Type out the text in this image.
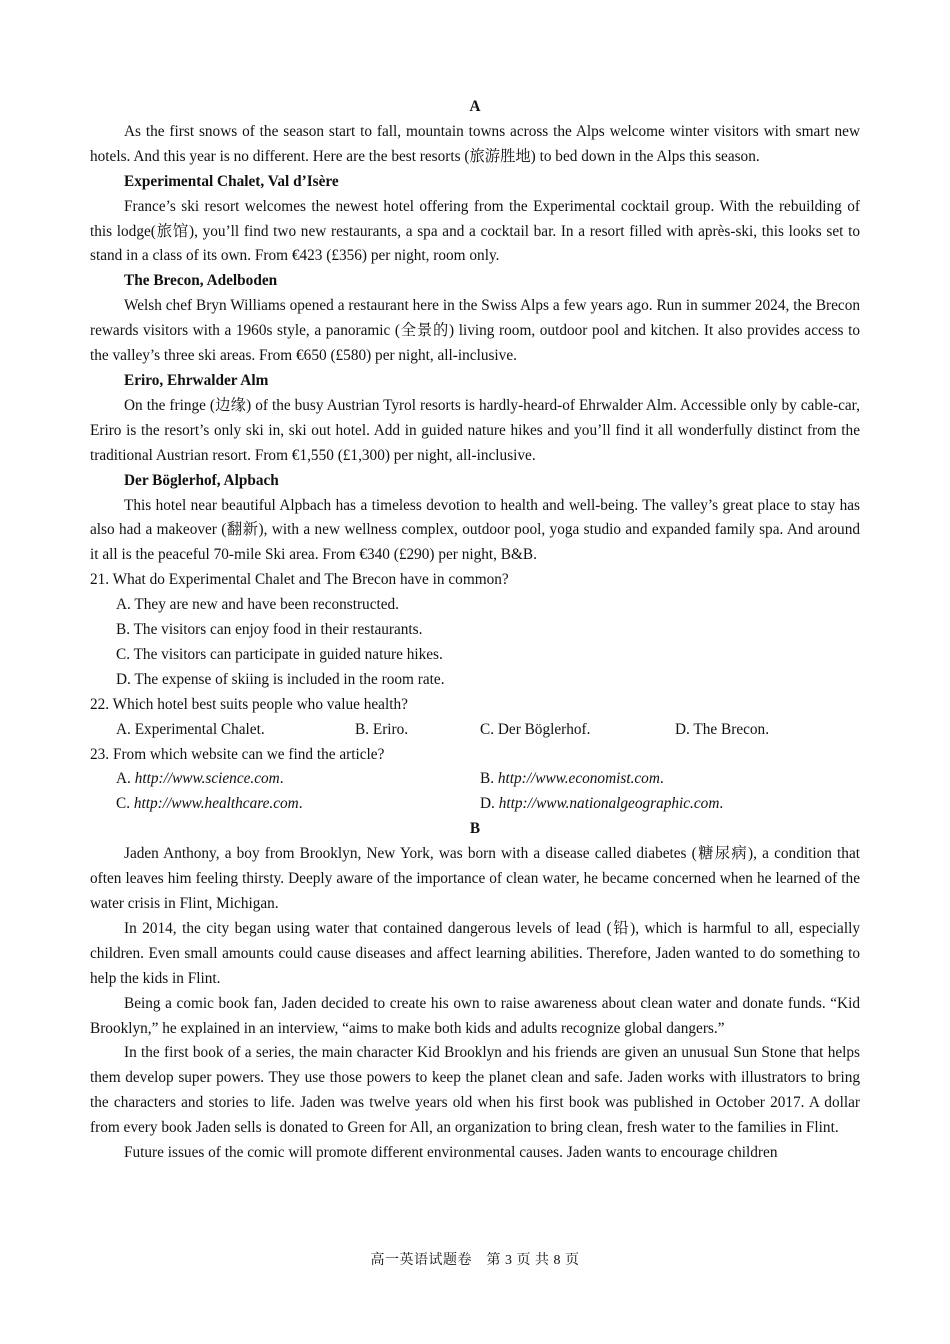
A

As the first snows of the season start to fall, mountain towns across the Alps welcome winter visitors with smart new hotels. And this year is no different. Here are the best resorts (旅游胜地) to bed down in the Alps this season.

Experimental Chalet, Val d’Isère

France’s ski resort welcomes the newest hotel offering from the Experimental cocktail group. With the rebuilding of this lodge(旅馆), you’ll find two new restaurants, a spa and a cocktail bar. In a resort filled with après-ski, this looks set to stand in a class of its own. From €423 (£356) per night, room only.

The Brecon, Adelboden

Welsh chef Bryn Williams opened a restaurant here in the Swiss Alps a few years ago. Run in summer 2024, the Brecon rewards visitors with a 1960s style, a panoramic (全景的) living room, outdoor pool and kitchen. It also provides access to the valley’s three ski areas. From €650 (£580) per night, all-inclusive.

Eriro, Ehrwalder Alm

On the fringe (边缘) of the busy Austrian Tyrol resorts is hardly-heard-of Ehrwalder Alm. Accessible only by cable-car, Eriro is the resort’s only ski in, ski out hotel. Add in guided nature hikes and you’ll find it all wonderfully distinct from the traditional Austrian resort. From €1,550 (£1,300) per night, all-inclusive.

Der Böglerhof, Alpbach

This hotel near beautiful Alpbach has a timeless devotion to health and well-being. The valley’s great place to stay has also had a makeover (翻新), with a new wellness complex, outdoor pool, yoga studio and expanded family spa. And around it all is the peaceful 70-mile Ski area. From €340 (£290) per night, B&B.

21. What do Experimental Chalet and The Brecon have in common?
A. They are new and have been reconstructed.
B. The visitors can enjoy food in their restaurants.
C. The visitors can participate in guided nature hikes.
D. The expense of skiing is included in the room rate.
22. Which hotel best suits people who value health?
A. Experimental Chalet.	B. Eriro.	C. Der Böglerhof.	D. The Brecon.
23. From which website can we find the article?
A. http://www.science.com.	B. http://www.economist.com.
C. http://www.healthcare.com.	D. http://www.nationalgeographic.com.
B

Jaden Anthony, a boy from Brooklyn, New York, was born with a disease called diabetes (糖尿病), a condition that often leaves him feeling thirsty. Deeply aware of the importance of clean water, he became concerned when he learned of the water crisis in Flint, Michigan.

In 2014, the city began using water that contained dangerous levels of lead (铅), which is harmful to all, especially children. Even small amounts could cause diseases and affect learning abilities. Therefore, Jaden wanted to do something to help the kids in Flint.

Being a comic book fan, Jaden decided to create his own to raise awareness about clean water and donate funds. “Kid Brooklyn,” he explained in an interview, “aims to make both kids and adults recognize global dangers.”

In the first book of a series, the main character Kid Brooklyn and his friends are given an unusual Sun Stone that helps them develop super powers. They use those powers to keep the planet clean and safe. Jaden works with illustrators to bring the characters and stories to life. Jaden was twelve years old when his first book was published in October 2017. A dollar from every book Jaden sells is donated to Green for All, an organization to bring clean, fresh water to the families in Flint.

Future issues of the comic will promote different environmental causes. Jaden wants to encourage children

高一英语试题卷　第 3 页 共 8 页
